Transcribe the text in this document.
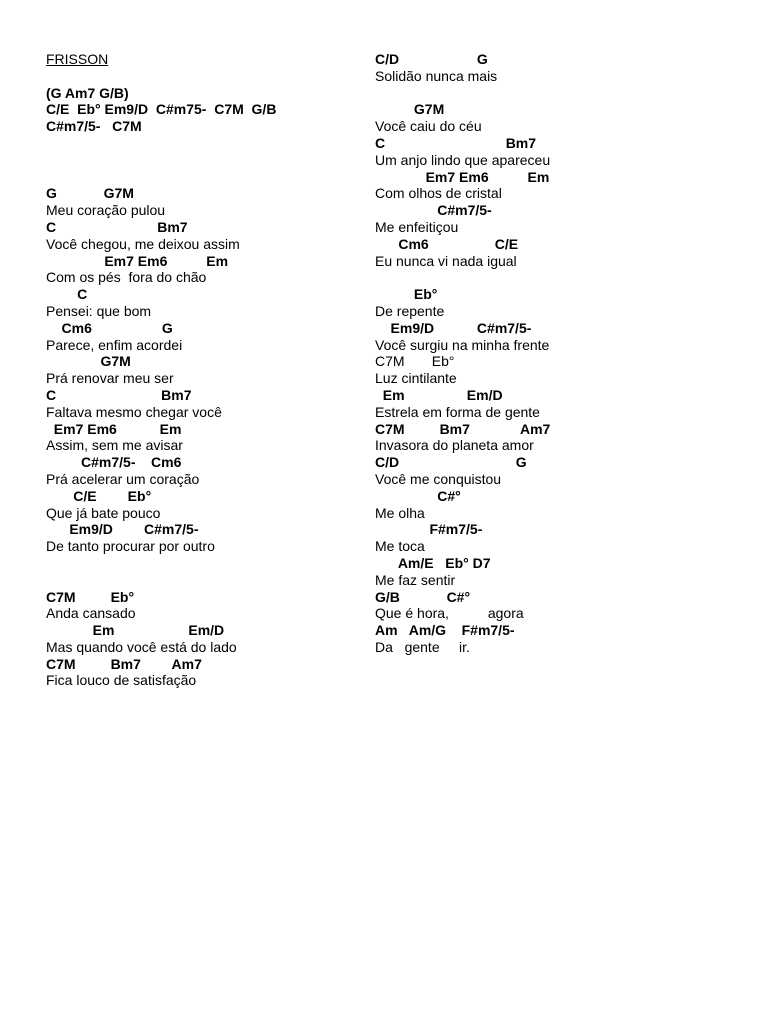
FRISSON
(G Am7 G/B)
C/E  Eb° Em9/D  C#m75-  C7M  G/B
C#m7/5-   C7M
G            G7M
Meu coração pulou
C                          Bm7
Você chegou, me deixou assim
Em7 Em6          Em
Com os pés  fora do chão
C
Pensei: que bom
Cm6                  G
Parece, enfim acordei
G7M
Prá renovar meu ser
C                           Bm7
Faltava mesmo chegar você
Em7 Em6           Em
Assim, sem me avisar
C#m7/5-    Cm6
Prá acelerar um coração
C/E        Eb°
Que já bate pouco
Em9/D        C#m7/5-
De tanto procurar por outro
C7M         Eb°
Anda cansado
Em                   Em/D
Mas quando você está do lado
C7M         Bm7        Am7
Fica louco de satisfação
C/D                    G
Solidão nunca mais
G7M
Você caiu do céu
C                               Bm7
Um anjo lindo que apareceu
Em7 Em6          Em
Com olhos de cristal
C#m7/5-
Me enfeitiçou
Cm6                 C/E
Eu nunca vi nada igual
Eb°
De repente
Em9/D           C#m7/5-
Você surgiu na minha frente
C7M       Eb°
Luz cintilante
Em                Em/D
Estrela em forma de gente
C7M         Bm7             Am7
Invasora do planeta amor
C/D                              G
Você me conquistou
C#°
Me olha
F#m7/5-
Me toca
Am/E   Eb° D7
Me faz sentir
G/B            C#°
Que é hora,          agora
Am   Am/G    F#m7/5-
Da   gente     ir.
